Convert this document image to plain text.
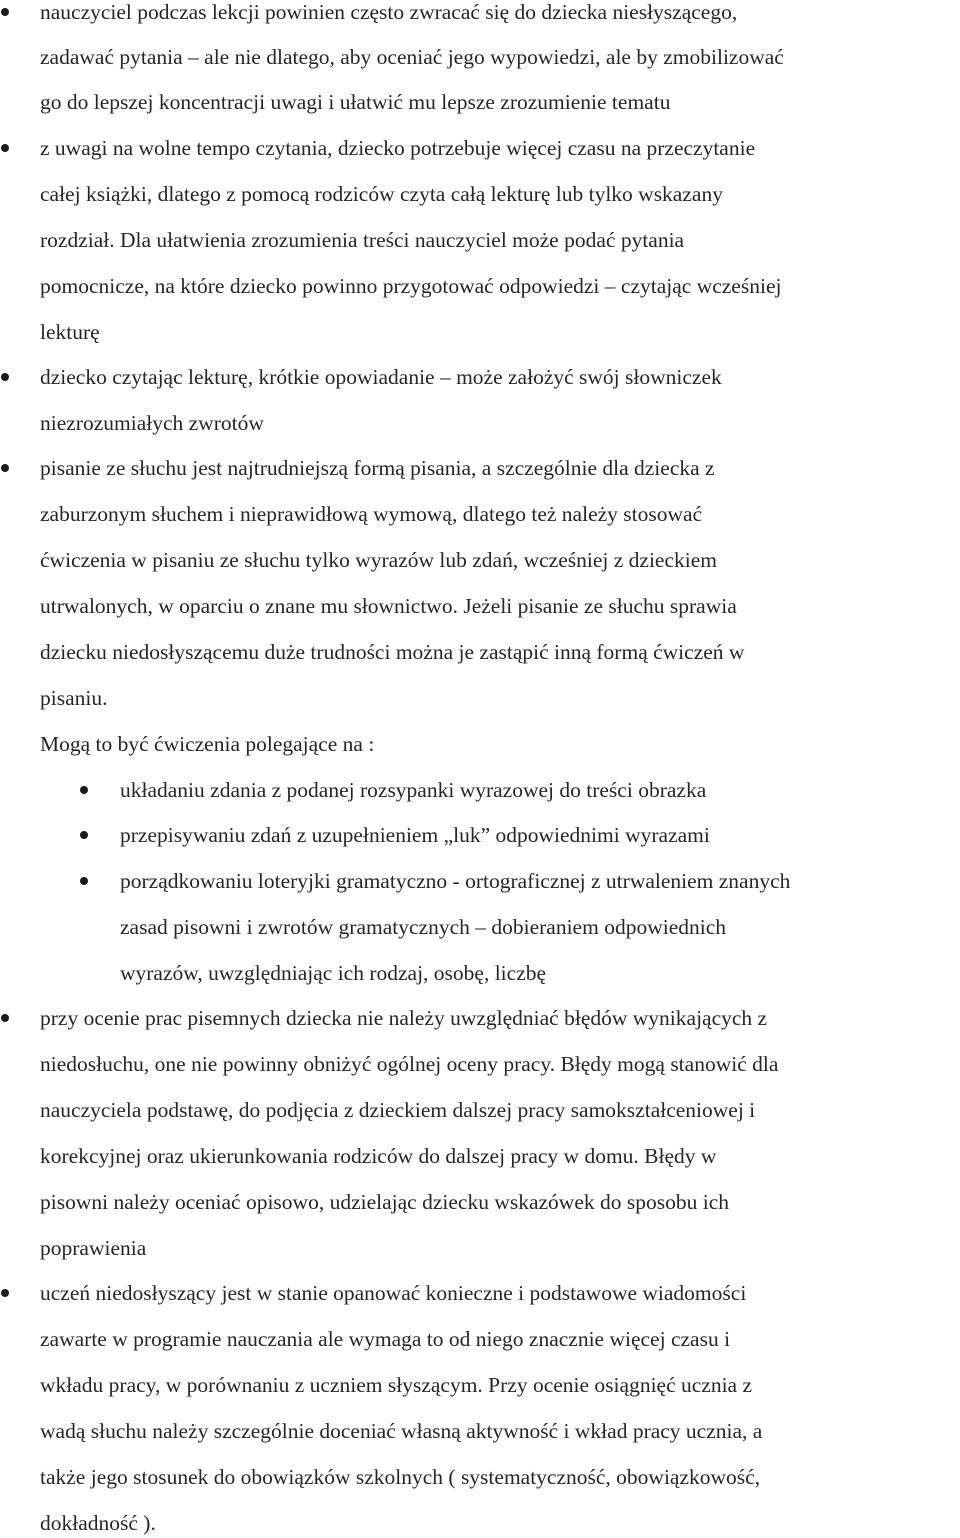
nauczyciel podczas lekcji powinien często zwracać się do dziecka niesłyszącego,
zadawać pytania – ale nie dlatego, aby oceniać jego wypowiedzi, ale by zmobilizować
go do lepszej koncentracji uwagi i ułatwić mu lepsze zrozumienie tematu
z uwagi na wolne tempo czytania, dziecko potrzebuje więcej czasu na przeczytanie
całej książki, dlatego z pomocą rodziców czyta całą lekturę lub tylko wskazany
rozdział. Dla ułatwienia zrozumienia treści nauczyciel może podać pytania
pomocnicze, na które dziecko powinno przygotować odpowiedzi – czytając wcześniej
lekturę
dziecko czytając lekturę, krótkie opowiadanie – może założyć swój słowniczek
niezrozumiałych zwrotów
pisanie ze słuchu jest najtrudniejszą formą pisania, a szczególnie dla dziecka z
zaburzonym słuchem i nieprawidłową wymową, dlatego też należy stosować
ćwiczenia w pisaniu ze słuchu tylko wyrazów lub zdań, wcześniej z dzieckiem
utrwalonych, w oparciu o znane mu słownictwo. Jeżeli pisanie ze słuchu sprawia
dziecku niedosłyszącemu duże trudności można je zastąpić inną formą ćwiczeń w
pisaniu.
Mogą to być ćwiczenia polegające na :
układaniu zdania z podanej rozsypanki wyrazowej do treści obrazka
przepisywaniu zdań z uzupełnieniem „luk” odpowiednimi wyrazami
porządkowaniu loteryjki gramatyczno - ortograficznej z utrwaleniem znanych
zasad pisowni i zwrotów gramatycznych – dobieraniem odpowiednich
wyrazów, uwzględniając ich rodzaj, osobę, liczbę
przy ocenie prac pisemnych dziecka nie należy uwzględniać błędów wynikających z
niedosłuchu, one nie powinny obniżyć ogólnej oceny pracy. Błędy mogą stanowić dla
nauczyciela podstawę, do podjęcia z dzieckiem dalszej pracy samokształceniowej i
korekcyjnej oraz ukierunkowania rodziców do dalszej pracy w domu. Błędy w
pisowni należy oceniać opisowo, udzielając dziecku wskazówek do sposobu ich
poprawienia
uczeń niedosłyszący jest w stanie opanować konieczne i podstawowe wiadomości
zawarte w programie nauczania ale wymaga to od niego znacznie więcej czasu i
wkładu pracy, w porównaniu z uczniem słyszącym. Przy ocenie osiągnięć ucznia z
wadą słuchu należy szczególnie doceniać własną aktywność i wkład pracy ucznia, a
także jego stosunek do obowiązków szkolnych ( systematyczność, obowiązkowość,
dokładność ).
